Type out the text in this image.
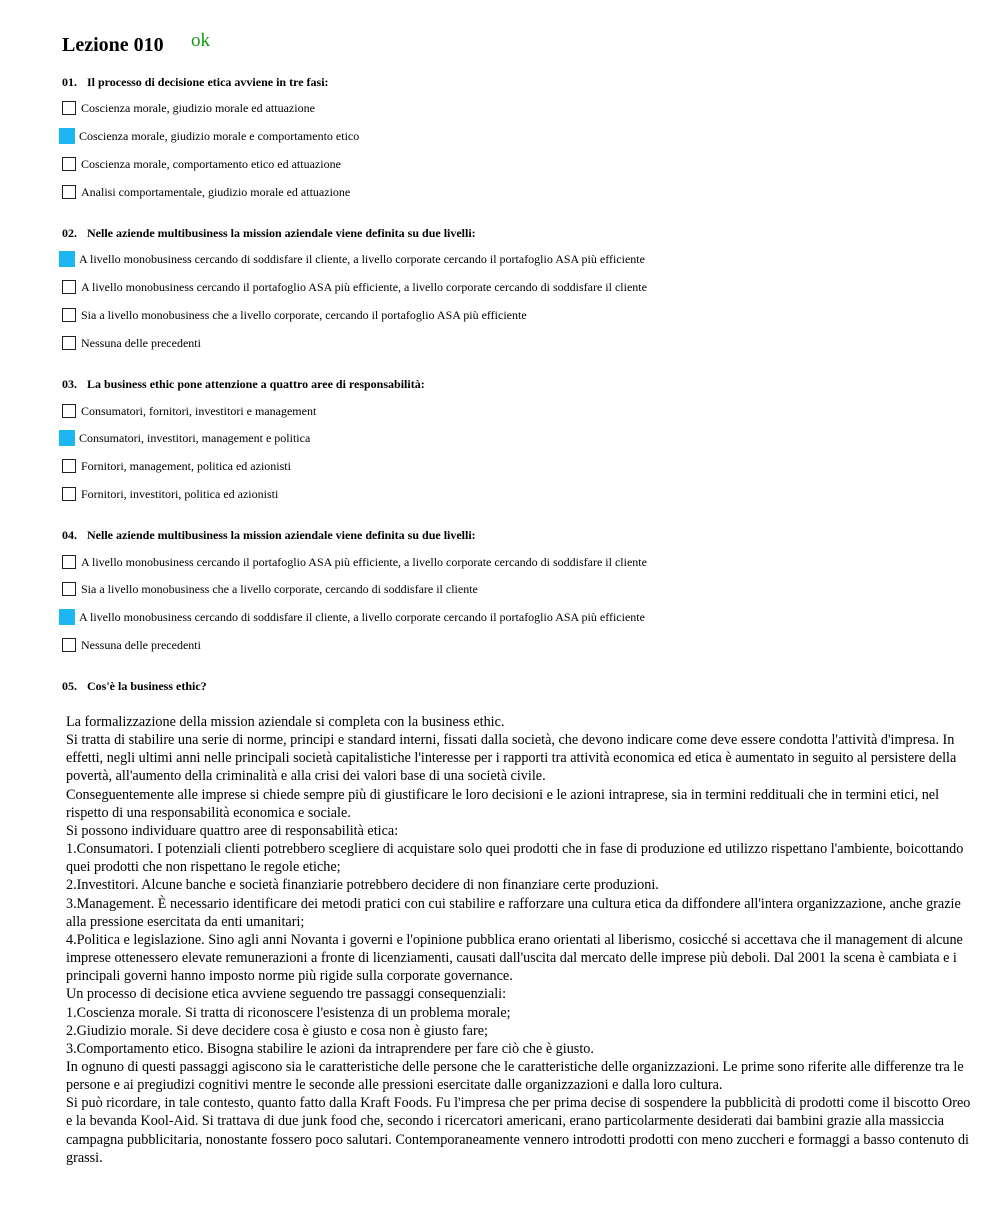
Lezione 010 ok
01. Il processo di decisione etica avviene in tre fasi:
Coscienza morale, giudizio morale ed attuazione
Coscienza morale, giudizio morale e comportamento etico
Coscienza morale, comportamento etico ed attuazione
Analisi comportamentale, giudizio morale ed attuazione
02. Nelle aziende multibusiness la mission aziendale viene definita su due livelli:
A livello monobusiness cercando di soddisfare il cliente, a livello corporate cercando il portafoglio ASA più efficiente
A livello monobusiness cercando il portafoglio ASA più efficiente, a livello corporate cercando di soddisfare il cliente
Sia a livello monobusiness che a livello corporate, cercando il portafoglio ASA più efficiente
Nessuna delle precedenti
03. La business ethic pone attenzione a quattro aree di responsabilità:
Consumatori, fornitori, investitori e management
Consumatori, investitori, management e politica
Fornitori, management, politica ed azionisti
Fornitori, investitori, politica ed azionisti
04. Nelle aziende multibusiness la mission aziendale viene definita su due livelli:
A livello monobusiness cercando il portafoglio ASA più efficiente, a livello corporate cercando di soddisfare il cliente
Sia a livello monobusiness che a livello corporate, cercando di soddisfare il cliente
A livello monobusiness cercando di soddisfare il cliente, a livello corporate cercando il portafoglio ASA più efficiente
Nessuna delle precedenti
05. Cos'è la business ethic?

La formalizzazione della mission aziendale si completa con la business ethic.

Si tratta di stabilire una serie di norme, principi e standard interni, fissati dalla società, che devono indicare come deve essere condotta l'attività d'impresa. In effetti, negli ultimi anni nelle principali società capitalistiche l'interesse per i rapporti tra attività economica ed etica è aumentato in seguito al persistere della povertà, all'aumento della criminalità e alla crisi dei valori base di una società civile.

Conseguentemente alle imprese si chiede sempre più di giustificare le loro decisioni e le azioni intraprese, sia in termini reddituali che in termini etici, nel rispetto di una responsabilità economica e sociale.

Si possono individuare quattro aree di responsabilità etica:

1.Consumatori. I potenziali clienti potrebbero scegliere di acquistare solo quei prodotti che in fase di produzione ed utilizzo rispettano l'ambiente, boicottando quei prodotti che non rispettano le regole etiche;

2.Investitori. Alcune banche e società finanziarie potrebbero decidere di non finanziare certe produzioni.

3.Management. È necessario identificare dei metodi pratici con cui stabilire e rafforzare una cultura etica da diffondere all'intera organizzazione, anche grazie alla pressione esercitata da enti umanitari;

4.Politica e legislazione. Sino agli anni Novanta i governi e l'opinione pubblica erano orientati al liberismo, cosicché si accettava che il management di alcune imprese ottenessero elevate remunerazioni a fronte di licenziamenti, causati dall'uscita dal mercato delle imprese più deboli. Dal 2001 la scena è cambiata e i principali governi hanno imposto norme più rigide sulla corporate governance.

Un processo di decisione etica avviene seguendo tre passaggi consequenziali:

1.Coscienza morale. Si tratta di riconoscere l'esistenza di un problema morale;

2.Giudizio morale. Si deve decidere cosa è giusto e cosa non è giusto fare;

3.Comportamento etico. Bisogna stabilire le azioni da intraprendere per fare ciò che è giusto.

In ognuno di questi passaggi agiscono sia le caratteristiche delle persone che le caratteristiche delle organizzazioni. Le prime sono riferite alle differenze tra le persone e ai pregiudizi cognitivi mentre le seconde alle pressioni esercitate dalle organizzazioni e dalla loro cultura.

Si può ricordare, in tale contesto, quanto fatto dalla Kraft Foods. Fu l'impresa che per prima decise di sospendere la pubblicità di prodotti come il biscotto Oreo e la bevanda Kool-Aid. Si trattava di due junk food che, secondo i ricercatori americani, erano particolarmente desiderati dai bambini grazie alla massiccia campagna pubblicitaria, nonostante fossero poco salutari. Contemporaneamente vennero introdotti prodotti con meno zuccheri e formaggi a basso contenuto di grassi.
